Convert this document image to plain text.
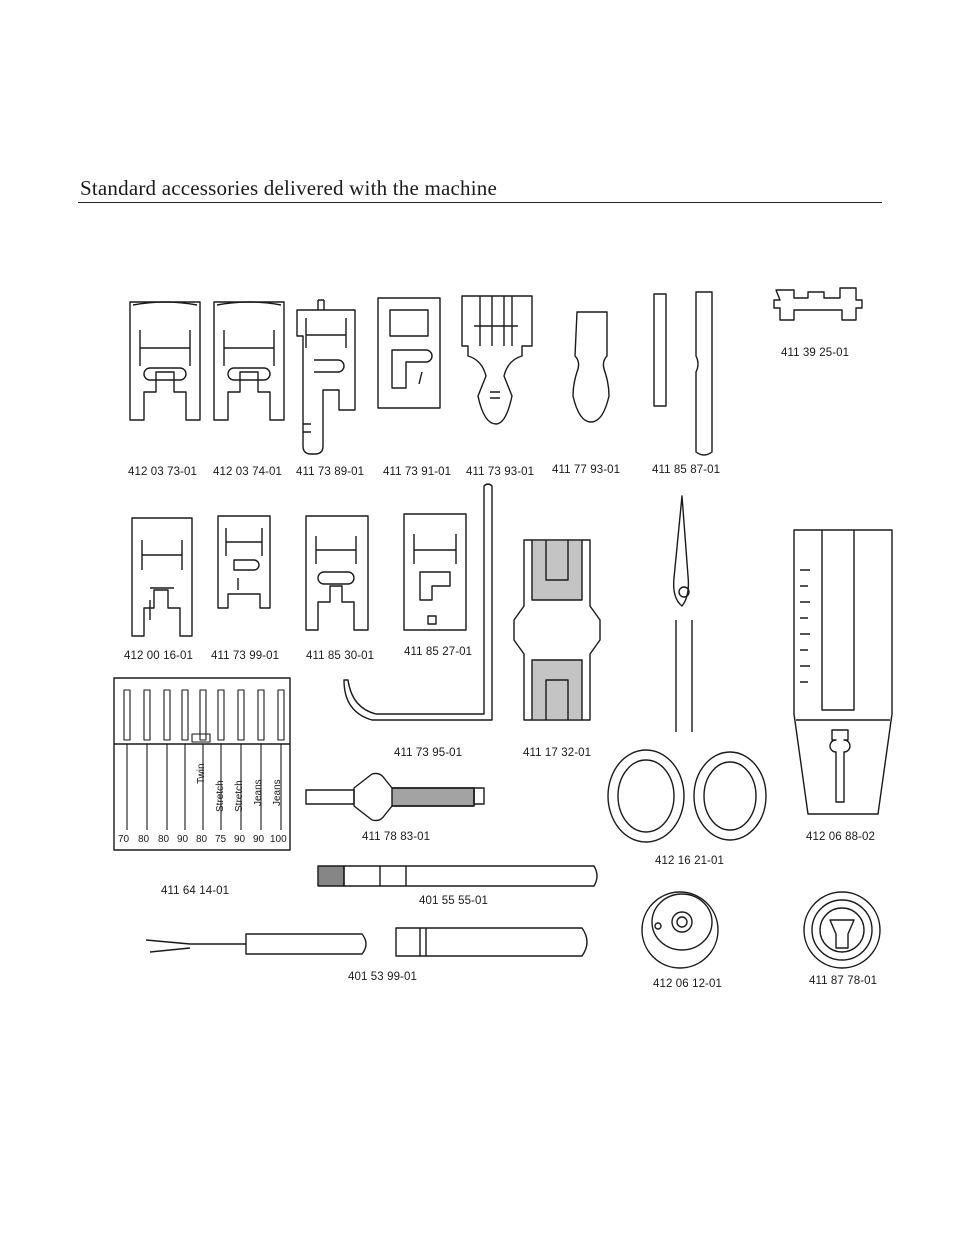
Standard accessories delivered with the machine
70 80 80 90 80 75 90 90 100
Twin
Stretch Stretch Jeans Jeans
412 03 73-01 412 03 74-01 411 73 89-01 411 73 91-01 411 73 93-01 411 77 93-01	411 85 87-01
411 39 25-01
412 00 16-01 411 73 99-01 411 85 30-01	411 85 27-01
411 73 95-01	411 17 32-01
412 16 21-01
412 06 88-02
411 64 14-01
411 78 83-01
401 55 55-01
401 53 99-01
412 06 12-01	411 87 78-01
